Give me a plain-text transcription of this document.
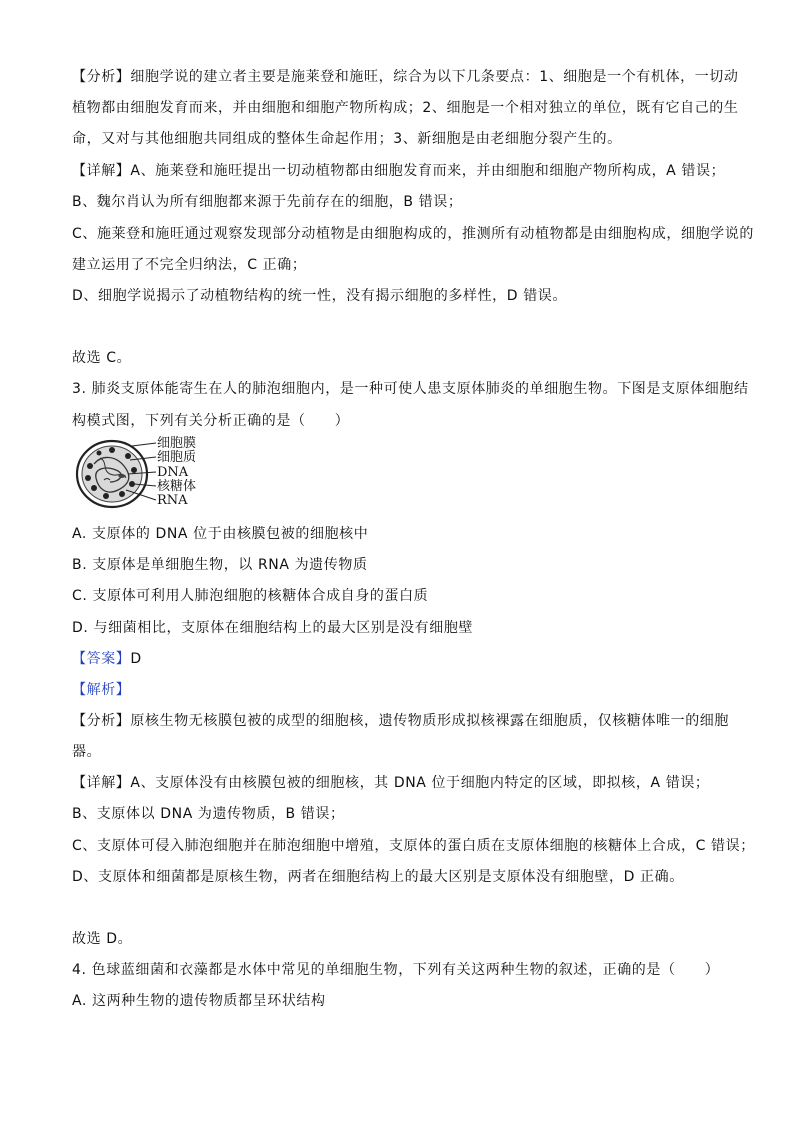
【分析】细胞学说的建立者主要是施莱登和施旺，综合为以下几条要点：1、细胞是一个有机体，一切动
植物都由细胞发育而来，并由细胞和细胞产物所构成；2、细胞是一个相对独立的单位，既有它自己的生
命，又对与其他细胞共同组成的整体生命起作用；3、新细胞是由老细胞分裂产生的。
【详解】A、施莱登和施旺提出一切动植物都由细胞发育而来，并由细胞和细胞产物所构成，A 错误；
B、魏尔肖认为所有细胞都来源于先前存在的细胞，B 错误；
C、施莱登和施旺通过观察发现部分动植物是由细胞构成的，推测所有动植物都是由细胞构成，细胞学说的
建立运用了不完全归纳法，C 正确；
D、细胞学说揭示了动植物结构的统一性，没有揭示细胞的多样性，D 错误。
故选 C。
3. 肺炎支原体能寄生在人的肺泡细胞内，是一种可使人患支原体肺炎的单细胞生物。下图是支原体细胞结
构模式图，下列有关分析正确的是（　　）
细胞膜
细胞质
DNA
核糖体
RNA
A. 支原体的 DNA 位于由核膜包被的细胞核中
B. 支原体是单细胞生物，以 RNA 为遗传物质
C. 支原体可利用人肺泡细胞的核糖体合成自身的蛋白质
D. 与细菌相比，支原体在细胞结构上的最大区别是没有细胞壁
【答案】D
【解析】
【分析】原核生物无核膜包被的成型的细胞核，遗传物质形成拟核裸露在细胞质，仅核糖体唯一的细胞
器。
【详解】A、支原体没有由核膜包被的细胞核，其 DNA 位于细胞内特定的区域，即拟核，A 错误；
B、支原体以 DNA 为遗传物质，B 错误；
C、支原体可侵入肺泡细胞并在肺泡细胞中增殖，支原体的蛋白质在支原体细胞的核糖体上合成，C 错误；
D、支原体和细菌都是原核生物，两者在细胞结构上的最大区别是支原体没有细胞壁，D 正确。
故选 D。
4. 色球蓝细菌和衣藻都是水体中常见的单细胞生物，下列有关这两种生物的叙述，正确的是（　　）
A. 这两种生物的遗传物质都呈环状结构
